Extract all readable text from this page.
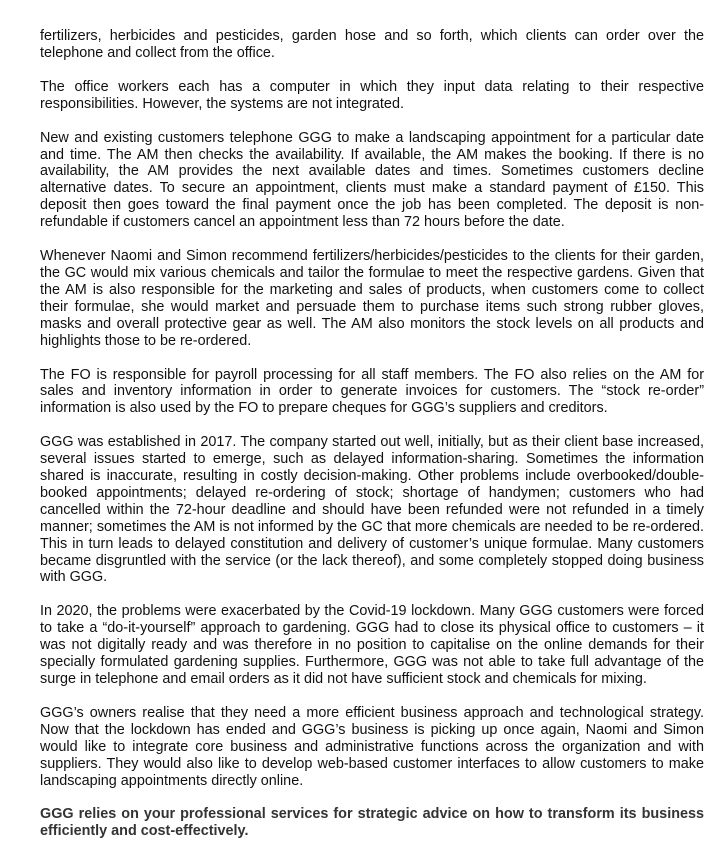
fertilizers, herbicides and pesticides, garden hose and so forth, which clients can order over the telephone and collect from the office.

The office workers each has a computer in which they input data relating to their respective responsibilities. However, the systems are not integrated.

New and existing customers telephone GGG to make a landscaping appointment for a particular date and time. The AM then checks the availability. If available, the AM makes the booking. If there is no availability, the AM provides the next available dates and times. Sometimes customers decline alternative dates. To secure an appointment, clients must make a standard payment of £150. This deposit then goes toward the final payment once the job has been completed. The deposit is non-refundable if customers cancel an appointment less than 72 hours before the date.

Whenever Naomi and Simon recommend fertilizers/herbicides/pesticides to the clients for their garden, the GC would mix various chemicals and tailor the formulae to meet the respective gardens. Given that the AM is also responsible for the marketing and sales of products, when customers come to collect their formulae, she would market and persuade them to purchase items such strong rubber gloves, masks and overall protective gear as well. The AM also monitors the stock levels on all products and highlights those to be re-ordered.

The FO is responsible for payroll processing for all staff members. The FO also relies on the AM for sales and inventory information in order to generate invoices for customers. The “stock re-order” information is also used by the FO to prepare cheques for GGG’s suppliers and creditors.

GGG was established in 2017. The company started out well, initially, but as their client base increased, several issues started to emerge, such as delayed information-sharing. Sometimes the information shared is inaccurate, resulting in costly decision-making. Other problems include overbooked/double-booked appointments; delayed re-ordering of stock; shortage of handymen; customers who had cancelled within the 72-hour deadline and should have been refunded were not refunded in a timely manner; sometimes the AM is not informed by the GC that more chemicals are needed to be re-ordered. This in turn leads to delayed constitution and delivery of customer’s unique formulae. Many customers became disgruntled with the service (or the lack thereof), and some completely stopped doing business with GGG.

In 2020, the problems were exacerbated by the Covid-19 lockdown. Many GGG customers were forced to take a “do-it-yourself” approach to gardening. GGG had to close its physical office to customers – it was not digitally ready and was therefore in no position to capitalise on the online demands for their specially formulated gardening supplies. Furthermore, GGG was not able to take full advantage of the surge in telephone and email orders as it did not have sufficient stock and chemicals for mixing.

GGG’s owners realise that they need a more efficient business approach and technological strategy. Now that the lockdown has ended and GGG’s business is picking up once again, Naomi and Simon would like to integrate core business and administrative functions across the organization and with suppliers. They would also like to develop web-based customer interfaces to allow customers to make landscaping appointments directly online.

GGG relies on your professional services for strategic advice on how to transform its business efficiently and cost-effectively.
